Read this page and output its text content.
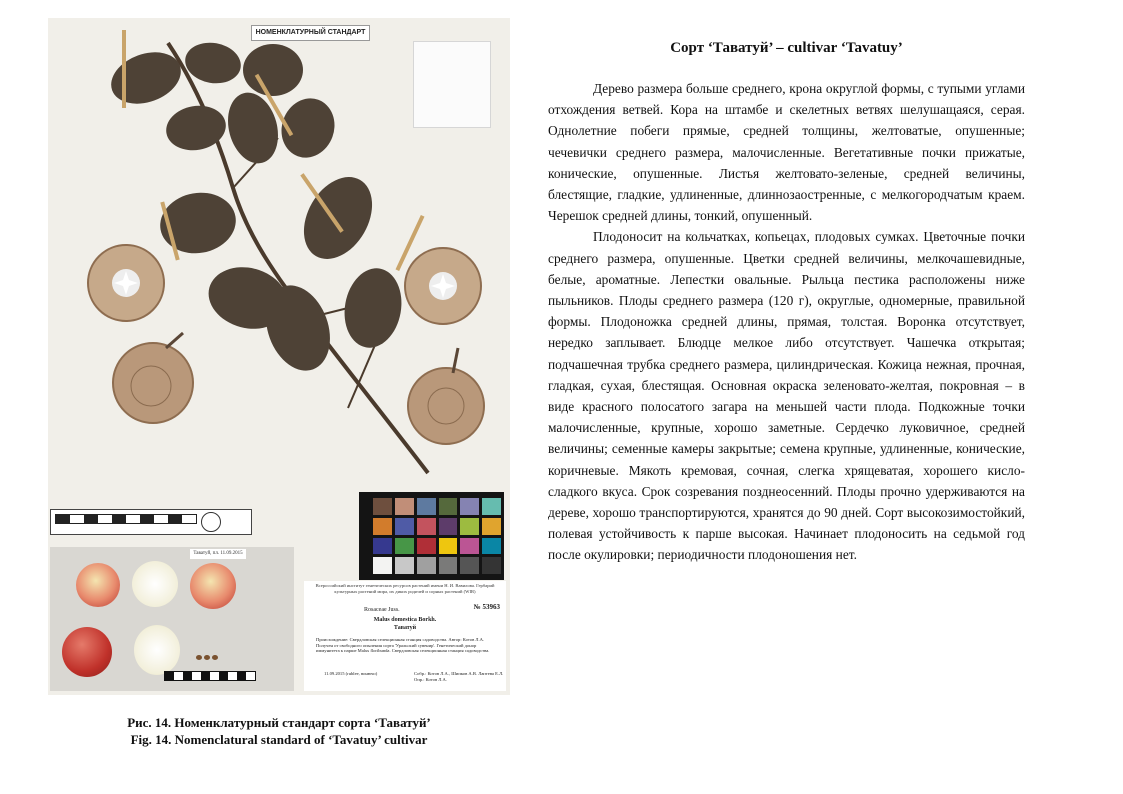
НОМЕНКЛАТУРНЫЙ СТАНДАРТ
Таватуй, пл. 11.09.2015
Всероссийский институт генетических ресурсов растений имени Н. И. Вавилова. Гербарий культурных растений мира, их диких родичей и сорных растений (WIR)
Rosaceae Juss.	№ 53963
Malus domestica Borkh.
Таватуй
Происхождение: Свердловская селекционная станция садоводства. Автор: Котов Л.А. Получен от свободного опыления сорта 'Уральский сувенир'. Генетический донор иммунитета к парше Malus floribunda. Свердловская селекционная станция садоводства.
11.09.2015 (rublee, вонючо)	Собр.: Котов Л.А., Шипков А.В. Лаптева Е.Л. Опр.: Котов Л.А.
Рис. 14. Номенклатурный стандарт сорта ‘Таватуй’
Fig. 14. Nomenclatural standard of ‘Tavatuy’ cultivar
Сорт ‘Таватуй’ – cultivar ‘Tavatuy’

Дерево размера больше среднего, крона округлой формы, с тупыми углами отхождения ветвей. Кора на штамбе и скелетных ветвях шелушащаяся, серая. Однолетние побеги прямые, средней толщины, желтоватые, опушенные; чечевички среднего размера, малочисленные. Вегетативные почки прижатые, конические, опушенные. Листья желтовато-зеленые, средней величины, блестящие, гладкие, удлиненные, длиннозаостренные, с мелкогородчатым краем. Черешок средней длины, тонкий, опушенный.

Плодоносит на кольчатках, копьецах, плодовых сумках. Цветочные почки среднего размера, опушенные. Цветки средней величины, мелкочашевидные, белые, ароматные. Лепестки овальные. Рыльца пестика расположены ниже пыльников. Плоды среднего размера (120 г), округлые, одномерные, правильной формы. Плодоножка средней длины, прямая, толстая. Воронка отсутствует, нередко заплывает. Блюдце мелкое либо отсутствует. Чашечка открытая; подчашечная трубка среднего размера, цилиндрическая. Кожица нежная, прочная, гладкая, сухая, блестящая. Основная окраска зеленовато-желтая, покровная – в виде красного полосатого загара на меньшей части плода. Подкожные точки малочисленные, крупные, хорошо заметные. Сердечко луковичное, средней величины; семенные камеры закрытые; семена крупные, удлиненные, конические, коричневые. Мякоть кремовая, сочная, слегка хрящеватая, хорошего кисло-сладкого вкуса. Срок созревания позднеосенний. Плоды прочно удерживаются на дереве, хорошо транспортируются, хранятся до 90 дней. Сорт высокозимостойкий, полевая устойчивость к парше высокая. Начинает плодоносить на седьмой год после окулировки; периодичности плодоношения нет.
